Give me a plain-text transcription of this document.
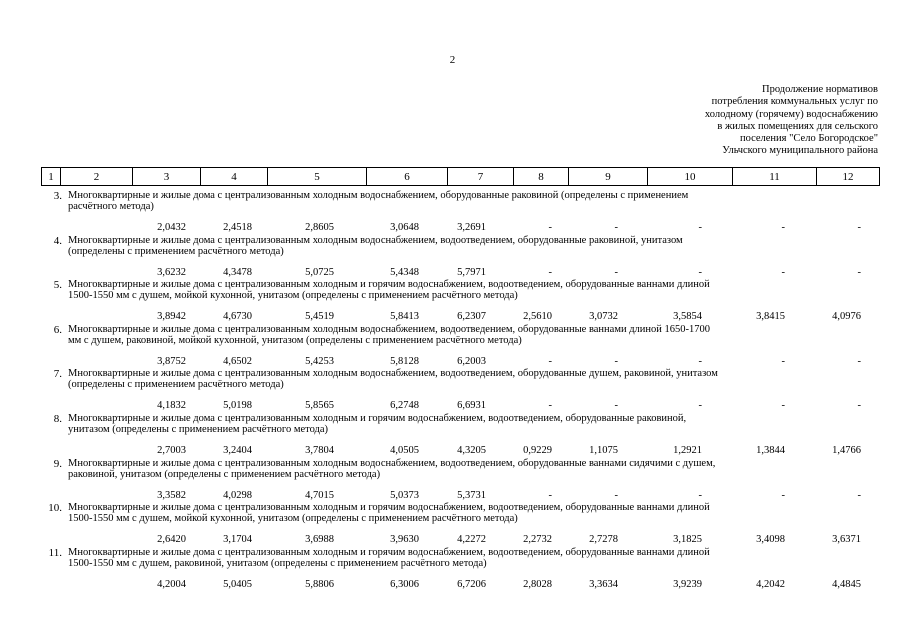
2
Продолжение нормативов
потребления коммунальных услуг по
холодному (горячему) водоснабжению
в жилых помещениях для сельского
поселения "Село Богородское"
Ульчского муниципального района
1	2	3	4	5	6	7	8	9	10	11	12
3. Многоквартирные и жилые дома с централизованным холодным водоснабжением, оборудованные раковиной (определены с применением
расчётного метода)
2,0432	2,4518	2,8605	3,0648	3,2691	-	-	-	-	-
4. Многоквартирные и жилые дома с централизованным холодным водоснабжением, водоотведением, оборудованные раковиной, унитазом
(определены с применением расчётного метода)
3,6232	4,3478	5,0725	5,4348	5,7971	-	-	-	-	-
5. Многоквартирные и жилые дома с централизованным холодным и горячим водоснабжением, водоотведением, оборудованные ваннами длиной
1500-1550 мм с душем, мойкой кухонной, унитазом (определены с применением расчётного метода)
3,8942	4,6730	5,4519	5,8413	6,2307	2,5610	3,0732	3,5854	3,8415	4,0976
6. Многоквартирные и жилые дома с централизованным холодным водоснабжением, водоотведением, оборудованные ваннами длиной 1650-1700
мм с душем, раковиной, мойкой кухонной, унитазом (определены с применением расчётного метода)
3,8752	4,6502	5,4253	5,8128	6,2003	-	-	-	-	-
7. Многоквартирные и жилые дома с централизованным холодным водоснабжением, водоотведением, оборудованные душем, раковиной, унитазом
(определены с применением расчётного метода)
4,1832	5,0198	5,8565	6,2748	6,6931	-	-	-	-	-
8. Многоквартирные и жилые дома с централизованным холодным и горячим водоснабжением, водоотведением, оборудованные раковиной,
унитазом (определены с применением расчётного метода)
2,7003	3,2404	3,7804	4,0505	4,3205	0,9229	1,1075	1,2921	1,3844	1,4766
9. Многоквартирные и жилые дома с централизованным холодным водоснабжением, водоотведением, оборудованные ваннами сидячими с душем,
раковиной, унитазом (определены с применением расчётного метода)
3,3582	4,0298	4,7015	5,0373	5,3731	-	-	-	-	-
10. Многоквартирные и жилые дома с централизованным холодным и горячим водоснабжением, водоотведением, оборудованные ваннами длиной
1500-1550 мм с душем, мойкой кухонной, унитазом (определены с применением расчётного метода)
2,6420	3,1704	3,6988	3,9630	4,2272	2,2732	2,7278	3,1825	3,4098	3,6371
11. Многоквартирные и жилые дома с централизованным холодным и горячим водоснабжением, водоотведением, оборудованные ваннами длиной
1500-1550 мм с душем, раковиной, унитазом (определены с применением расчётного метода)
4,2004	5,0405	5,8806	6,3006	6,7206	2,8028	3,3634	3,9239	4,2042	4,4845
